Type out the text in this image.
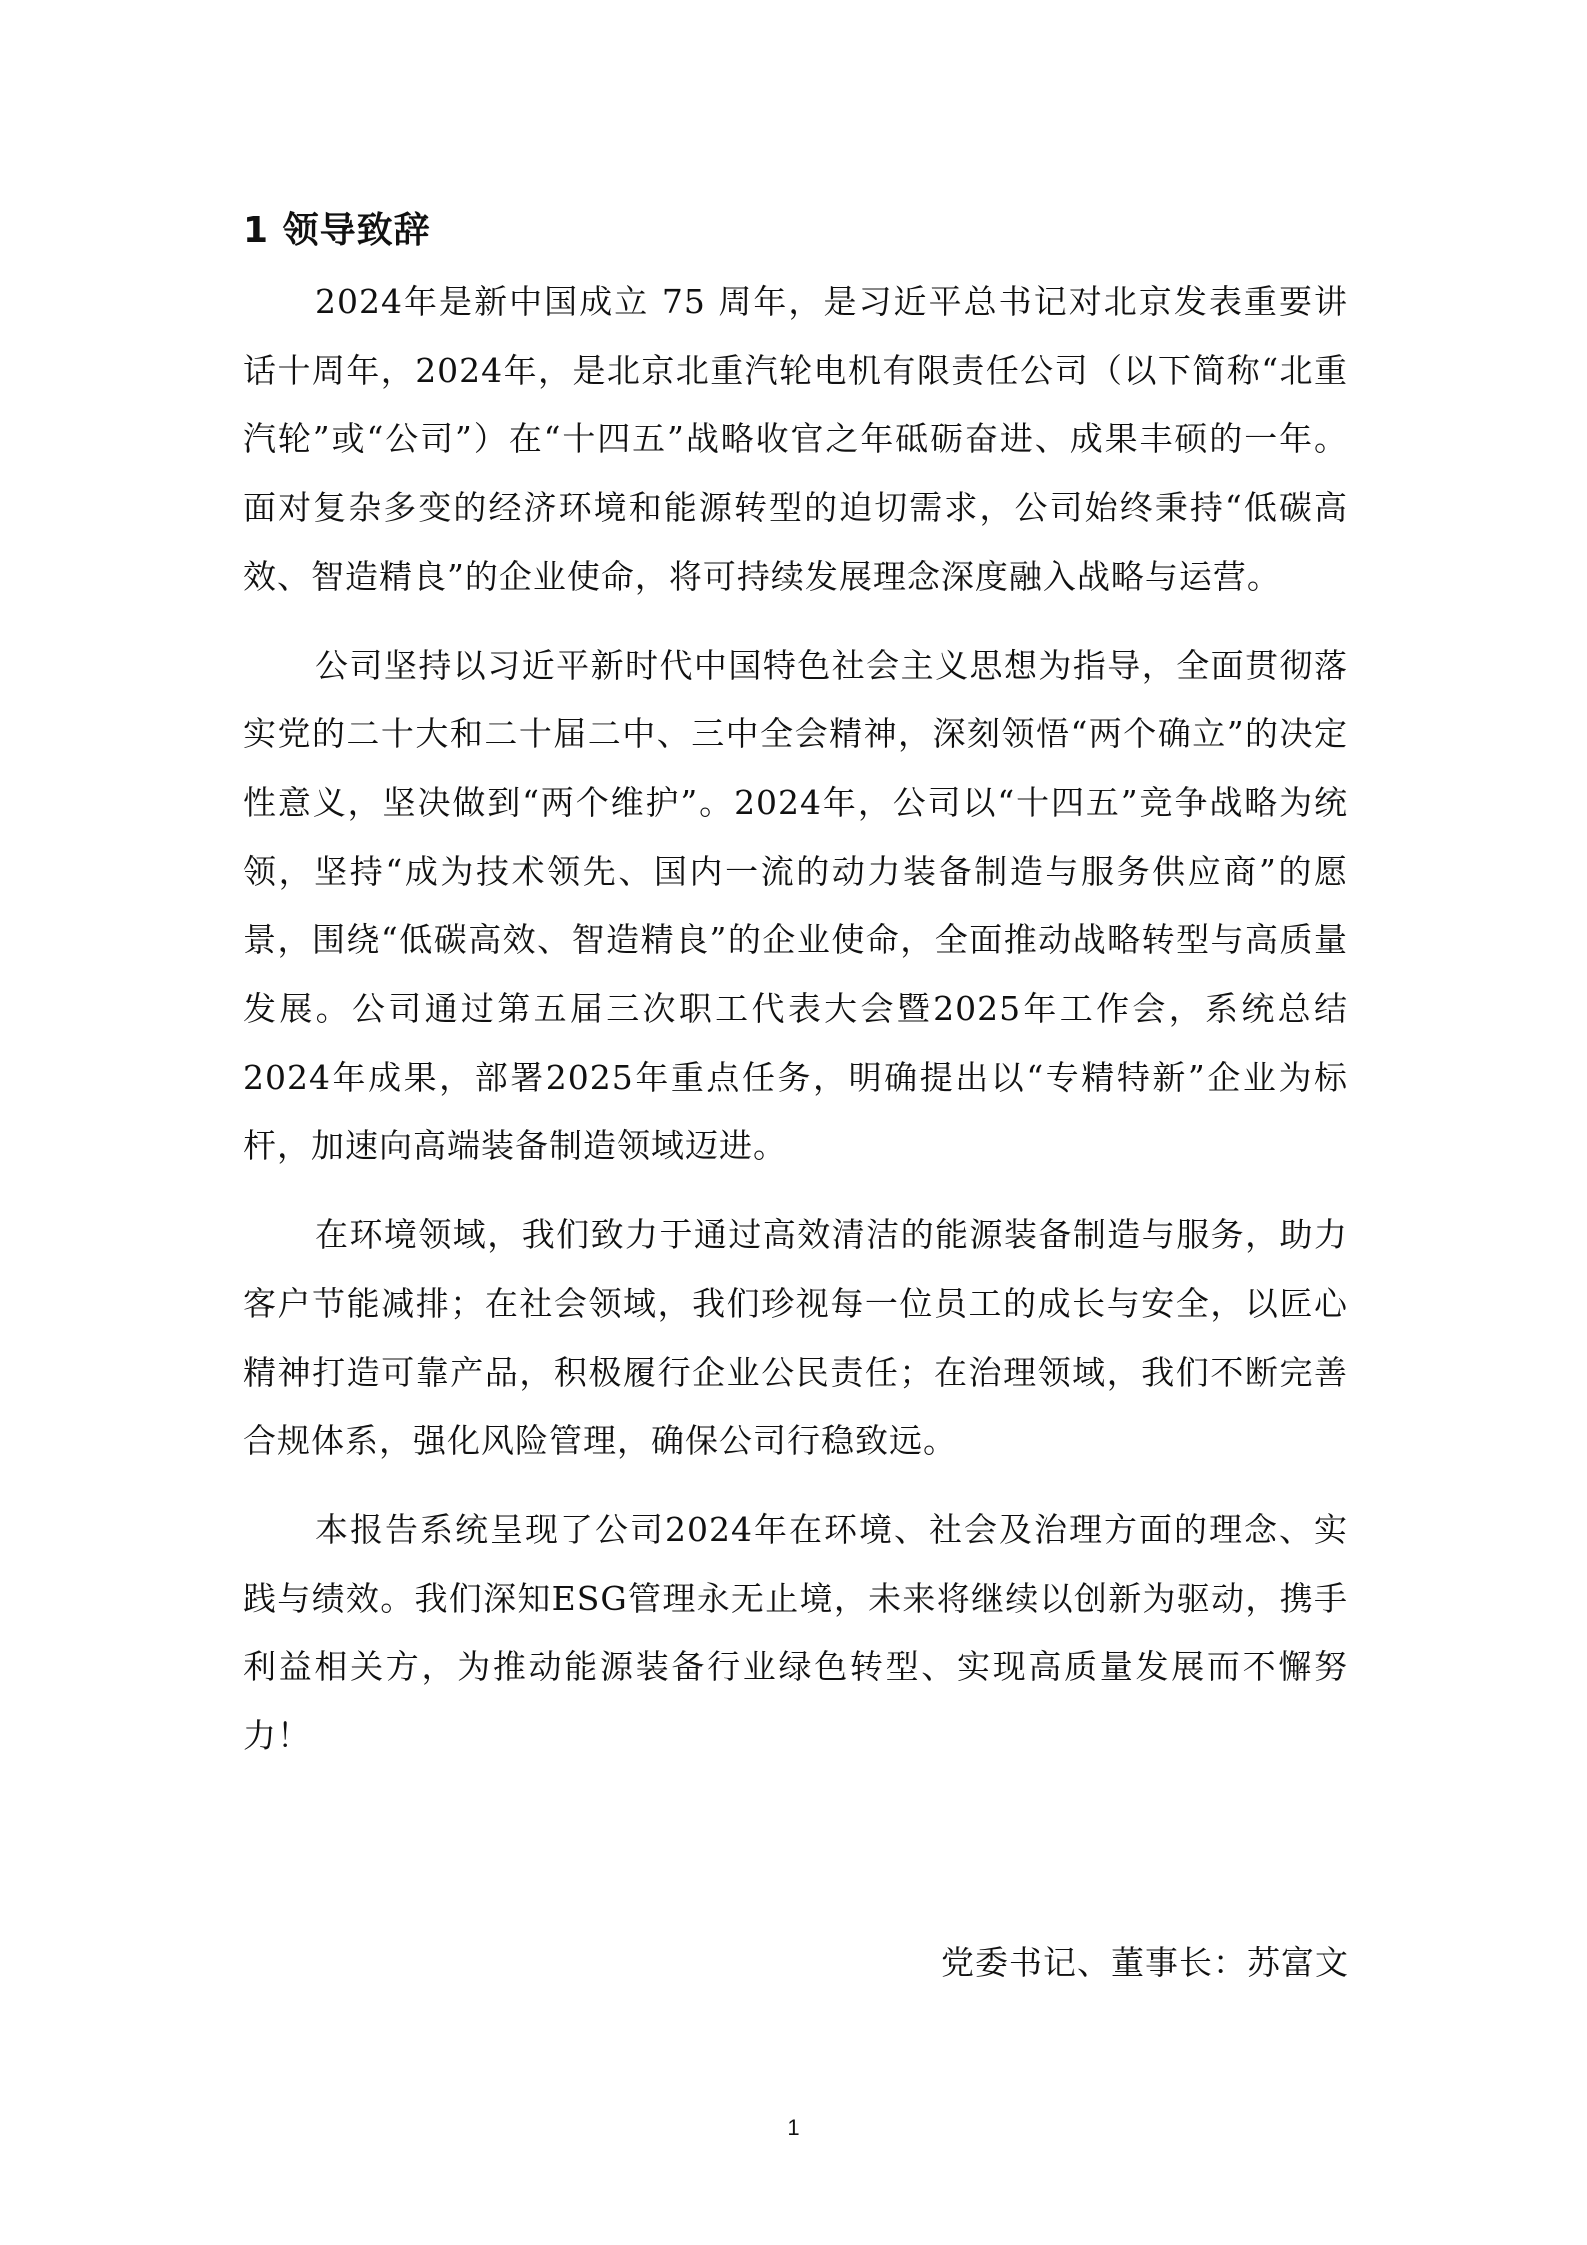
1 领导致辞

2024年是新中国成立 75 周年，是习近平总书记对北京发表重要讲话十周年，2024年，是北京北重汽轮电机有限责任公司（以下简称“北重汽轮”或“公司”）在“十四五”战略收官之年砥砺奋进、成果丰硕的一年。面对复杂多变的经济环境和能源转型的迫切需求，公司始终秉持“低碳高效、智造精良”的企业使命，将可持续发展理念深度融入战略与运营。

公司坚持以习近平新时代中国特色社会主义思想为指导，全面贯彻落实党的二十大和二十届二中、三中全会精神，深刻领悟“两个确立”的决定性意义，坚决做到“两个维护”。2024年，公司以“十四五”竞争战略为统领，坚持“成为技术领先、国内一流的动力装备制造与服务供应商”的愿景，围绕“低碳高效、智造精良”的企业使命，全面推动战略转型与高质量发展。公司通过第五届三次职工代表大会暨2025年工作会，系统总结2024年成果，部署2025年重点任务，明确提出以“专精特新”企业为标杆，加速向高端装备制造领域迈进。

在环境领域，我们致力于通过高效清洁的能源装备制造与服务，助力客户节能减排；在社会领域，我们珍视每一位员工的成长与安全，以匠心精神打造可靠产品，积极履行企业公民责任；在治理领域，我们不断完善合规体系，强化风险管理，确保公司行稳致远。

本报告系统呈现了公司2024年在环境、社会及治理方面的理念、实践与绩效。我们深知ESG管理永无止境，未来将继续以创新为驱动，携手利益相关方，为推动能源装备行业绿色转型、实现高质量发展而不懈努力！

党委书记、董事长：苏富文
1
